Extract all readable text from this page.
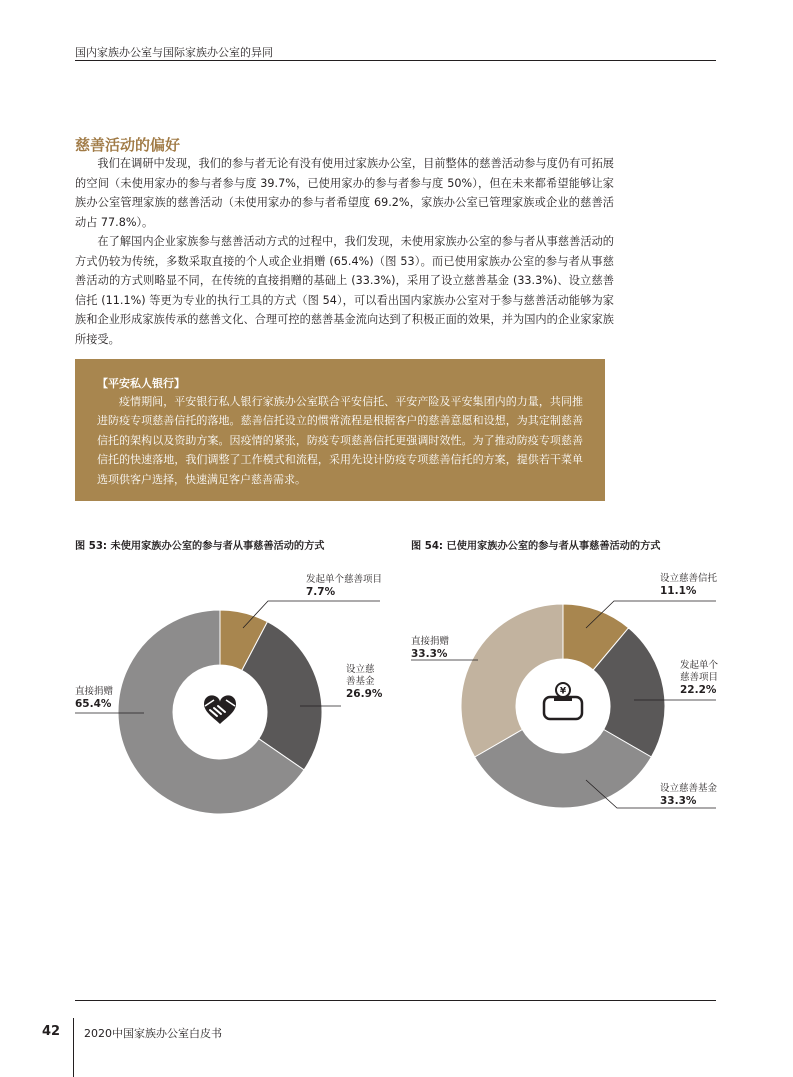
国内家族办公室与国际家族办公室的异同
慈善活动的偏好
我们在调研中发现，我们的参与者无论有没有使用过家族办公室，目前整体的慈善活动参与度仍有可拓展的空间（未使用家办的参与者参与度 39.7%，已使用家办的参与者参与度 50%），但在未来都希望能够让家族办公室管理家族的慈善活动（未使用家办的参与者希望度 69.2%，家族办公室已管理家族或企业的慈善活动占 77.8%）。
在了解国内企业家族参与慈善活动方式的过程中，我们发现，未使用家族办公室的参与者从事慈善活动的方式仍较为传统，多数采取直接的个人或企业捐赠 (65.4%)（图 53）。而已使用家族办公室的参与者从事慈善活动的方式则略显不同，在传统的直接捐赠的基础上 (33.3%)，采用了设立慈善基金 (33.3%)、设立慈善信托 (11.1%) 等更为专业的执行工具的方式（图 54），可以看出国内家族办公室对于参与慈善活动能够为家族和企业形成家族传承的慈善文化、合理可控的慈善基金流向达到了积极正面的效果，并为国内的企业家家族所接受。
【平安私人银行】
疫情期间，平安银行私人银行家族办公室联合平安信托、平安产险及平安集团内的力量，共同推进防疫专项慈善信托的落地。慈善信托设立的惯常流程是根据客户的慈善意愿和设想，为其定制慈善信托的架构以及资助方案。因疫情的紧张，防疫专项慈善信托更强调时效性。为了推动防疫专项慈善信托的快速落地，我们调整了工作模式和流程，采用先设计防疫专项慈善信托的方案，提供若干菜单选项供客户选择，快速满足客户慈善需求。
图 53: 未使用家族办公室的参与者从事慈善活动的方式	图 54: 已使用家族办公室的参与者从事慈善活动的方式
¥
发起单个慈善项目
7.7%
设立慈善基金
26.9%
直接捐赠
65.4%
设立慈善信托
11.1%
发起单个慈善项目
22.2%
设立慈善基金
33.3%
直接捐赠
33.3%
42 2020中国家族办公室白皮书
